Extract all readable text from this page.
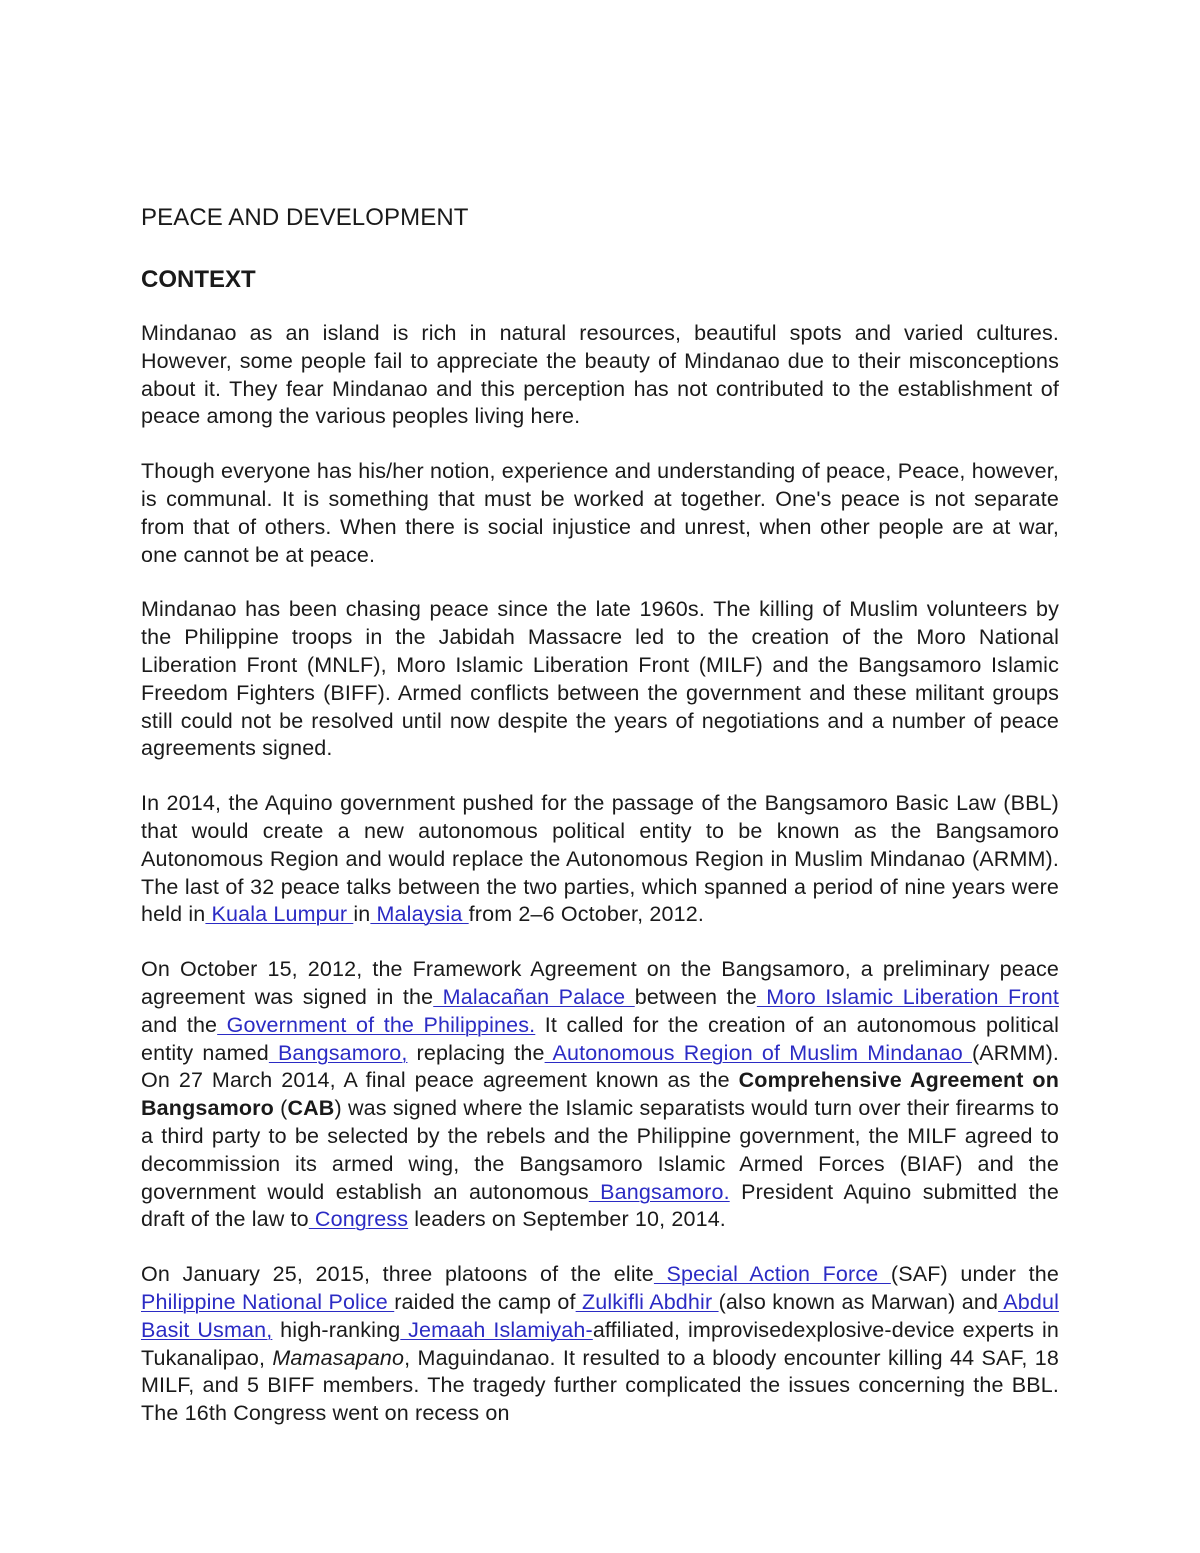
PEACE AND DEVELOPMENT
CONTEXT

Mindanao as an island is rich in natural resources, beautiful spots and varied cultures. However, some people fail to appreciate the beauty of Mindanao due to their misconceptions about it. They fear Mindanao and this perception has not contributed to the establishment of peace among the various peoples living here.

Though everyone has his/her notion, experience and understanding of peace, Peace, however, is communal. It is something that must be worked at together. One's peace is not separate from that of others. When there is social injustice and unrest, when other people are at war, one cannot be at peace.

Mindanao has been chasing peace since the late 1960s. The killing of Muslim volunteers by the Philippine troops in the Jabidah Massacre led to the creation of the Moro National Liberation Front (MNLF), Moro Islamic Liberation Front (MILF) and the Bangsamoro Islamic Freedom Fighters (BIFF). Armed conflicts between the government and these militant groups still could not be resolved until now despite the years of negotiations and a number of peace agreements signed.

In 2014, the Aquino government pushed for the passage of the Bangsamoro Basic Law (BBL) that would create a new autonomous political entity to be known as the Bangsamoro Autonomous Region and would replace the Autonomous Region in Muslim Mindanao (ARMM). The last of 32 peace talks between the two parties, which spanned a period of nine years were held in Kuala Lumpur in Malaysia from 2–6 October, 2012.

On October 15, 2012, the Framework Agreement on the Bangsamoro, a preliminary peace agreement was signed in the Malacañan Palace between the Moro Islamic Liberation Front and the Government of the Philippines. It called for the creation of an autonomous political entity named Bangsamoro, replacing the Autonomous Region of Muslim Mindanao (ARMM). On 27 March 2014, A final peace agreement known as the Comprehensive Agreement on Bangsamoro (CAB) was signed where the Islamic separatists would turn over their firearms to a third party to be selected by the rebels and the Philippine government, the MILF agreed to decommission its armed wing, the Bangsamoro Islamic Armed Forces (BIAF) and the government would establish an autonomous Bangsamoro. President Aquino submitted the draft of the law to Congress leaders on September 10, 2014.

On January 25, 2015, three platoons of the elite Special Action Force (SAF) under the Philippine National Police raided the camp of Zulkifli Abdhir (also known as Marwan) and Abdul Basit Usman, high-ranking Jemaah Islamiyah-affiliated, improvisedexplosive-device experts in Tukanalipao, Mamasapano, Maguindanao. It resulted to a bloody encounter killing 44 SAF, 18 MILF, and 5 BIFF members. The tragedy further complicated the issues concerning the BBL. The 16th Congress went on recess on
